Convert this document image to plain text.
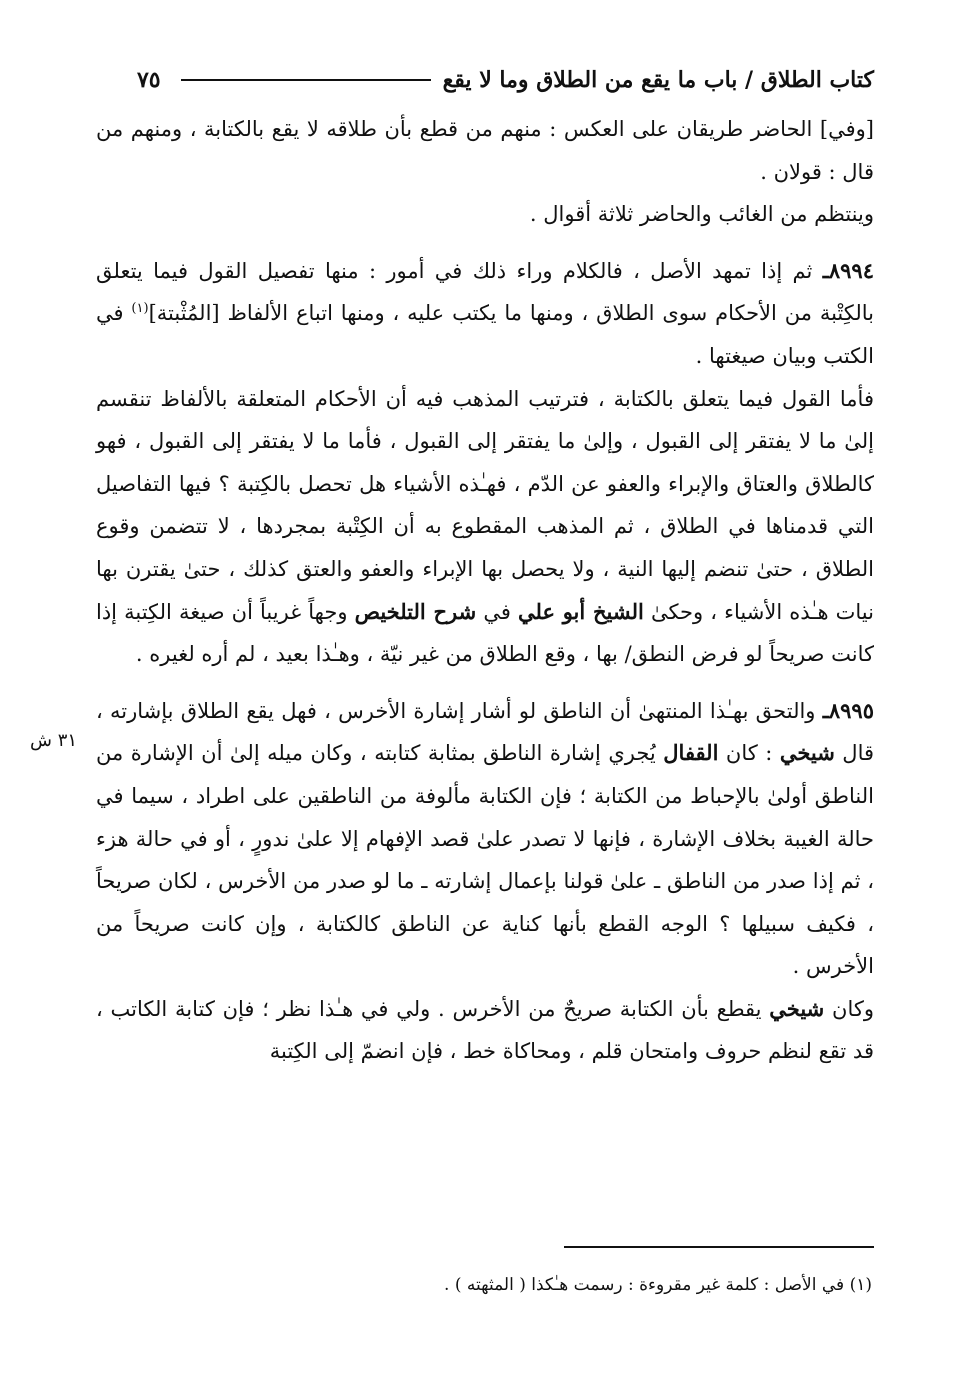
كتاب الطلاق / باب ما يقع من الطلاق وما لا يقع
٧٥

[وفي] الحاضر طريقان على العكس : منهم من قطع بأن طلاقه لا يقع بالكتابة ، ومنهم من قال : قولان .

وينتظم من الغائب والحاضر ثلاثة أقوال .

٨٩٩٤ـ ثم إذا تمهد الأصل ، فالكلام وراء ذلك في أمور : منها تفصيل القول فيما يتعلق بالكِتْبة من الأحكام سوى الطلاق ، ومنها ما يكتب عليه ، ومنها اتباع الألفاظ [المُثْبتة]$^{(١)}$ في الكتب وبيان صيغتها .

فأما القول فيما يتعلق بالكتابة ، فترتيب المذهب فيه أن الأحكام المتعلقة بالألفاظ تنقسم إلىٰ ما لا يفتقر إلى القبول ، وإلىٰ ما يفتقر إلى القبول ، فأما ما لا يفتقر إلى القبول ، فهو كالطلاق والعتاق والإبراء والعفو عن الدّم ، فهـٰذه الأشياء هل تحصل بالكِتبة ؟ فيها التفاصيل التي قدمناها في الطلاق ، ثم المذهب المقطوع به أن الكِتْبة بمجردها ، لا تتضمن وقوع الطلاق ، حتىٰ تنضم إليها النية ، ولا يحصل بها الإبراء والعفو والعتق كذلك ، حتىٰ يقترن بها نيات هـٰذه الأشياء ، وحكىٰ الشيخ أبو علي في شرح التلخيص وجهاً غريباً أن صيغة الكِتبة إذا كانت صريحاً لو فرض النطق/ بها ، وقع الطلاق من غير نيّة ، وهـٰذا بعيد ، لم أره لغيره .

٨٩٩٥ـ والتحق بهـٰذا المنتهىٰ أن الناطق لو أشار إشارة الأخرس ، فهل يقع الطلاق بإشارته ، قال شيخي : كان القفال يُجري إشارة الناطق بمثابة كتابته ، وكان ميله إلىٰ أن الإشارة من الناطق أولىٰ بالإحباط من الكتابة ؛ فإن الكتابة مألوفة من الناطقين على اطراد ، سيما في حالة الغيبة بخلاف الإشارة ، فإنها لا تصدر علىٰ قصد الإفهام إلا علىٰ ندورٍ ، أو في حالة هزء ، ثم إذا صدر من الناطق ـ علىٰ قولنا بإعمال إشارته ـ ما لو صدر من الأخرس ، لكان صريحاً ، فكيف سبيلها ؟ الوجه القطع بأنها كناية عن الناطق كالكتابة ، وإن كانت صريحاً من الأخرس .

وكان شيخي يقطع بأن الكتابة صريحٌ من الأخرس . ولي في هـٰذا نظر ؛ فإن كتابة الكاتب ، قد تقع لنظم حروف وامتحان قلم ، ومحاكاة خط ، فإن انضمّ إلى الكِتبة

٣١ ش
(١) في الأصل : كلمة غير مقروءة : رسمت هـٰكذا ( المثهته ) .
